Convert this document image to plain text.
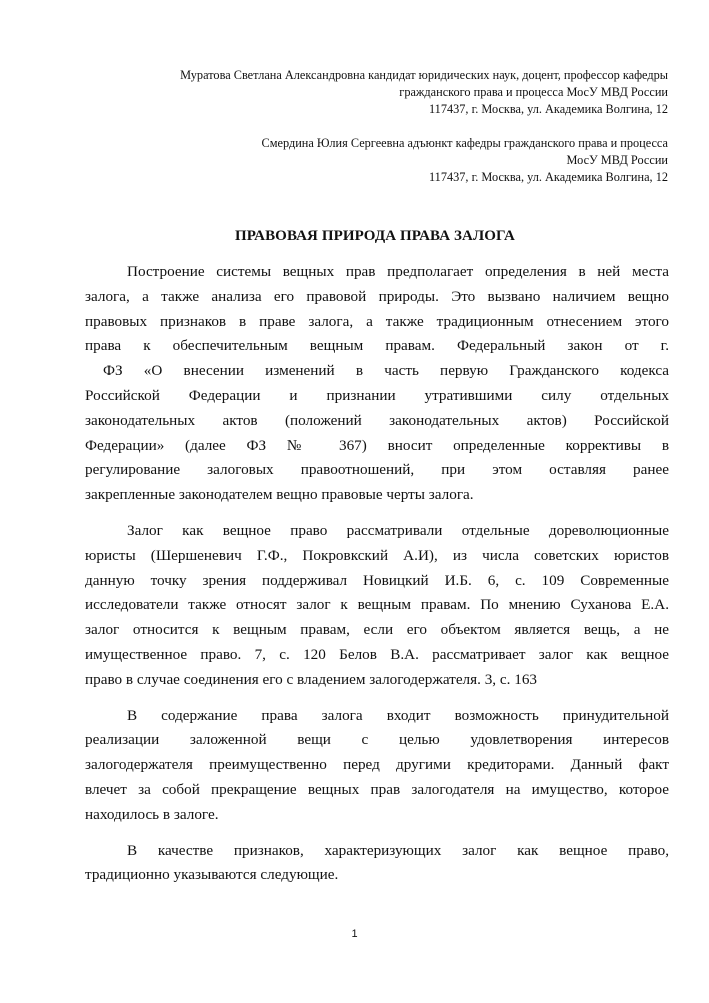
Муратова Светлана Александровна кандидат юридических наук, доцент, профессор кафедры
гражданского права и процесса МосУ МВД России
117437, г. Москва, ул. Академика Волгина, 12
Смердина Юлия Сергеевна адъюнкт кафедры гражданского права и процесса
МосУ МВД России
117437, г. Москва, ул. Академика Волгина, 12
ПРАВОВАЯ ПРИРОДА ПРАВА ЗАЛОГА

Построение системы вещных прав предполагает определения в ней места
залога, а также анализа его правовой природы. Это вызвано наличием вещно
правовых признаков в праве залога, а также традиционным отнесением этого
права к обеспечительным вещным правам. Федеральный закон от г.
ФЗ «О внесении изменений в часть первую Гражданского кодекса
Российской Федерации и признании утратившими силу отдельных
законодательных актов (положений законодательных актов) Российской
Федерации» (далее ФЗ № 367) вносит определенные коррективы в
регулирование залоговых правоотношений, при этом оставляя ранее
закрепленные законодателем вещно правовые черты залога.

Залог как вещное право рассматривали отдельные дореволюционные
юристы (Шершеневич Г.Ф., Покровкский А.И), из числа советских юристов
данную точку зрения поддерживал Новицкий И.Б. 6, с. 109 Современные
исследователи также относят залог к вещным правам. По мнению Суханова Е.А.
залог относится к вещным правам, если его объектом является вещь, а не
имущественное право. 7, с. 120 Белов В.А. рассматривает залог как вещное
право в случае соединения его с владением залогодержателя. 3, с. 163

В содержание права залога входит возможность принудительной
реализации заложенной вещи с целью удовлетворения интересов
залогодержателя преимущественно перед другими кредиторами. Данный факт
влечет за собой прекращение вещных прав залогодателя на имущество, которое
находилось в залоге.

В качестве признаков, характеризующих залог как вещное право,
традиционно указываются следующие.

1
